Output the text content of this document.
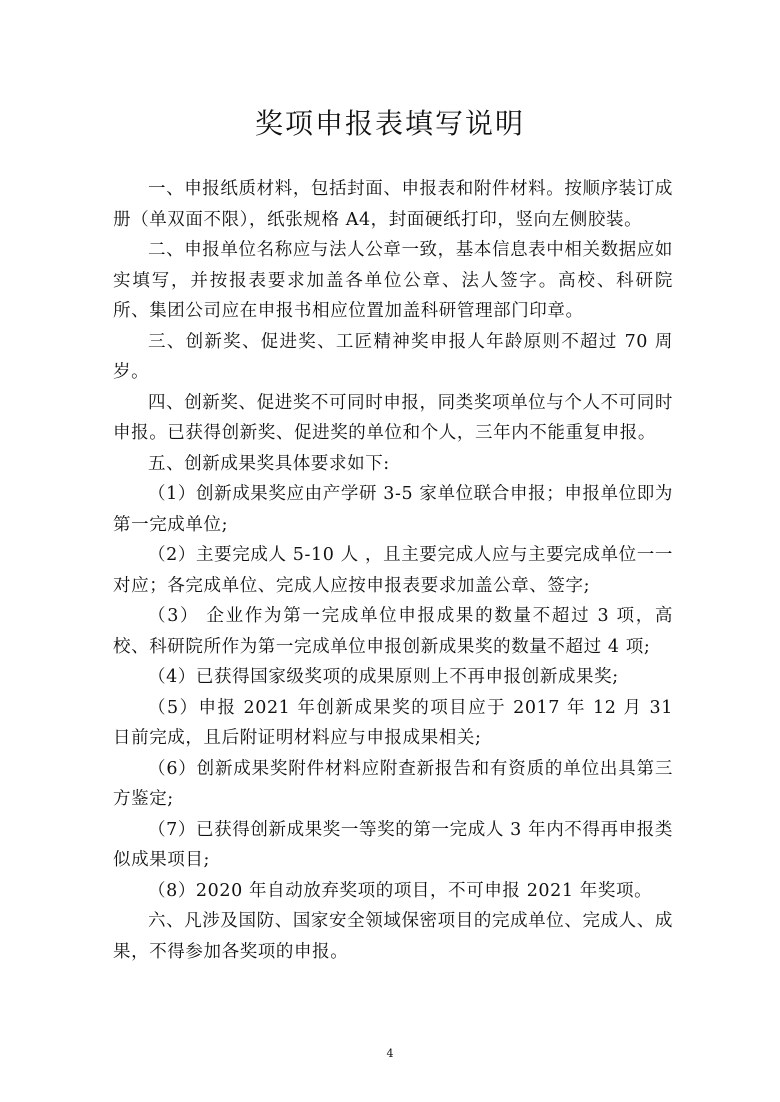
奖项申报表填写说明

一、申报纸质材料，包括封面、申报表和附件材料。按顺序装订成册（单双面不限），纸张规格 A4，封面硬纸打印，竖向左侧胶装。

二、申报单位名称应与法人公章一致，基本信息表中相关数据应如实填写，并按报表要求加盖各单位公章、法人签字。高校、科研院所、集团公司应在申报书相应位置加盖科研管理部门印章。

三、创新奖、促进奖、工匠精神奖申报人年龄原则不超过 70 周岁。

四、创新奖、促进奖不可同时申报，同类奖项单位与个人不可同时申报。已获得创新奖、促进奖的单位和个人，三年内不能重复申报。

五、创新成果奖具体要求如下:

（1）创新成果奖应由产学研 3-5 家单位联合申报；申报单位即为第一完成单位;

（2）主要完成人 5-10 人 ，且主要完成人应与主要完成单位一一对应；各完成单位、完成人应按申报表要求加盖公章、签字;

（3） 企业作为第一完成单位申报成果的数量不超过 3 项，高校、科研院所作为第一完成单位申报创新成果奖的数量不超过 4 项;

（4）已获得国家级奖项的成果原则上不再申报创新成果奖;

（5）申报 2021 年创新成果奖的项目应于 2017 年 12 月 31 日前完成，且后附证明材料应与申报成果相关;

（6）创新成果奖附件材料应附查新报告和有资质的单位出具第三方鉴定;

（7）已获得创新成果奖一等奖的第一完成人 3 年内不得再申报类似成果项目;

（8）2020 年自动放弃奖项的项目，不可申报 2021 年奖项。

六、凡涉及国防、国家安全领域保密项目的完成单位、完成人、成果，不得参加各奖项的申报。

4
